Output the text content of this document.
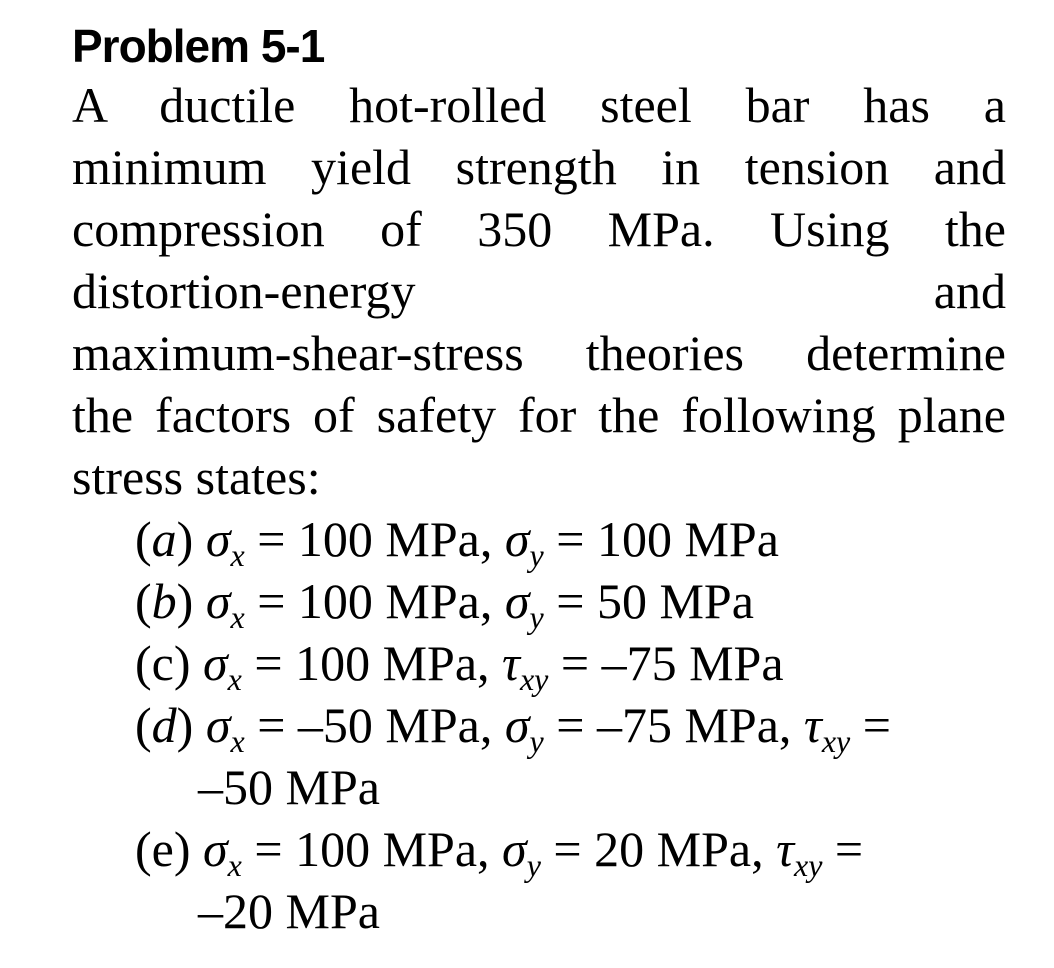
Problem 5-1
A ductile hot-rolled steel bar has a
minimum yield strength in tension and
compression of 350 MPa. Using the
distortion-energy and
maximum-shear-stress theories determine
the factors of safety for the following plane
stress states:
(a) $\sigma_x = 100$ MPa, $\sigma_y = 100$ MPa
(b) $\sigma_x = 100$ MPa, $\sigma_y = 50$ MPa
(c) $\sigma_x = 100$ MPa, $\tau_{xy} = -75$ MPa
(d) $\sigma_x = -50$ MPa, $\sigma_y = -75$ MPa, $\tau_{xy}$ =
–50 MPa
(e) $\sigma_x = 100$ MPa, $\sigma_y = 20$ MPa, $\tau_{xy}$ =
–20 MPa
